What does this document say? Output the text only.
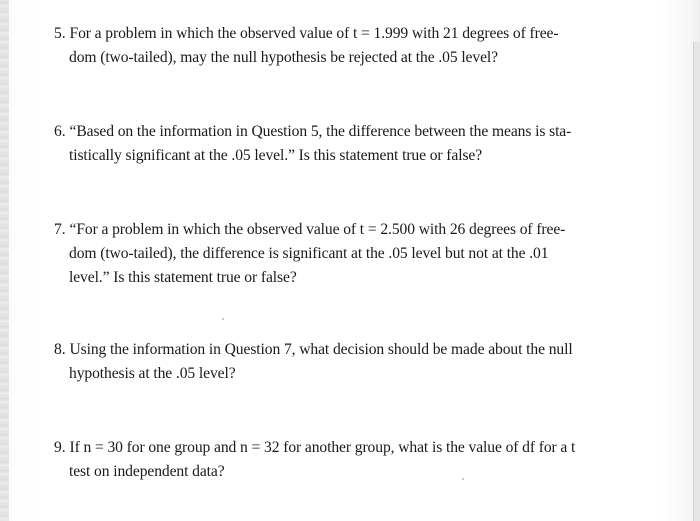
5. For a problem in which the observed value of t = 1.999 with 21 degrees of free-
dom (two-tailed), may the null hypothesis be rejected at the .05 level?
6. “Based on the information in Question 5, the difference between the means is sta-
tistically significant at the .05 level.” Is this statement true or false?
7. “For a problem in which the observed value of t = 2.500 with 26 degrees of free-
dom (two-tailed), the difference is significant at the .05 level but not at the .01
level.” Is this statement true or false?
8. Using the information in Question 7, what decision should be made about the null
hypothesis at the .05 level?
9. If n = 30 for one group and n = 32 for another group, what is the value of df for a t
test on independent data?
